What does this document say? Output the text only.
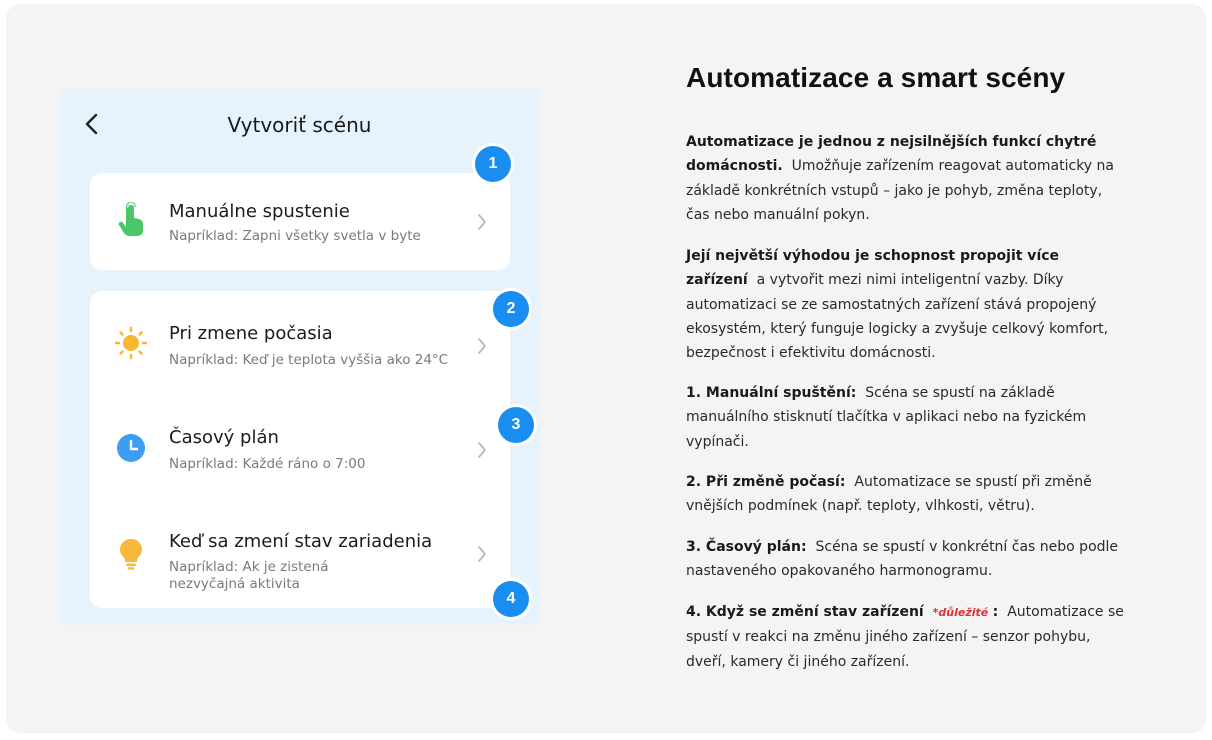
Vytvoriť scénu
Manuálne spustenie
Napríklad: Zapni všetky svetla v byte
Pri zmene počasia
Napríklad: Keď je teplota vyššia ako 24°C
Časový plán
Napríklad: Každé ráno o 7:00
Keď sa zmení stav zariadenia
Napríklad: Ak je zistená nezvyčajná aktivita
1
2
3
4
Automatizace a smart scény

Automatizace je jednou z nejsilnějších funkcí chytré domácnosti. Umožňuje zařízením reagovat automaticky na základě konkrétních vstupů – jako je pohyb, změna teploty, čas nebo manuální pokyn.

Její největší výhodou je schopnost propojit více zařízení a vytvořit mezi nimi inteligentní vazby. Díky automatizaci se ze samostatných zařízení stává propojený ekosystém, který funguje logicky a zvyšuje celkový komfort, bezpečnost i efektivitu domácnosti.

1. Manuální spuštění: Scéna se spustí na základě manuálního stisknutí tlačítka v aplikaci nebo na fyzickém vypínači.

2. Při změně počasí: Automatizace se spustí při změně vnějších podmínek (např. teploty, vlhkosti, větru).

3. Časový plán: Scéna se spustí v konkrétní čas nebo podle nastaveného opakovaného harmonogramu.

4. Když se změní stav zařízení *důležité : Automatizace se spustí v reakci na změnu jiného zařízení – senzor pohybu, dveří, kamery či jiného zařízení.
